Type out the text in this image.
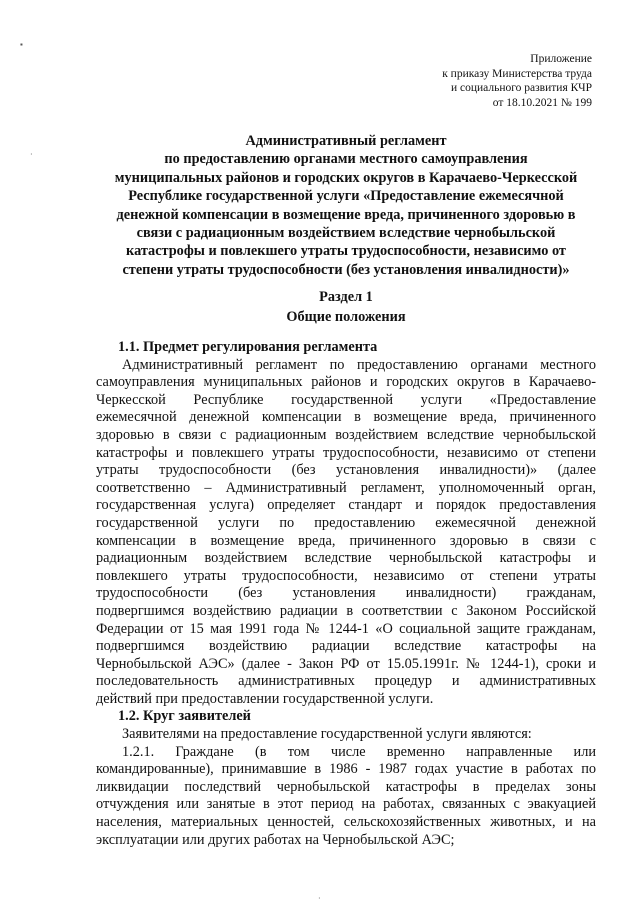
▪
·
Приложение
к приказу Министерства труда
и социального развития КЧР
от 18.10.2021 № 199
Административный регламент
по предоставлению органами местного самоуправления
муниципальных районов и городских округов в Карачаево-Черкесской
Республике государственной услуги «Предоставление ежемесячной
денежной компенсации в возмещение вреда, причиненного здоровью в
связи с радиационным воздействием вследствие чернобыльской
катастрофы и повлекшего утраты трудоспособности, независимо от
степени утраты трудоспособности (без установления инвалидности)»
Раздел 1
Общие положения
1.1. Предмет регулирования регламента
Административный регламент по предоставлению органами местного
самоуправления муниципальных районов и городских округов в Карачаево-
Черкесской Республике государственной услуги «Предоставление
ежемесячной денежной компенсации в возмещение вреда, причиненного
здоровью в связи с радиационным воздействием вследствие чернобыльской
катастрофы и повлекшего утраты трудоспособности, независимо от степени
утраты трудоспособности (без установления инвалидности)» (далее
соответственно – Административный регламент, уполномоченный орган,
государственная услуга) определяет стандарт и порядок предоставления
государственной услуги по предоставлению ежемесячной денежной
компенсации в возмещение вреда, причиненного здоровью в связи с
радиационным воздействием вследствие чернобыльской катастрофы и
повлекшего утраты трудоспособности, независимо от степени утраты
трудоспособности (без установления инвалидности) гражданам,
подвергшимся воздействию радиации в соответствии с Законом Российской
Федерации от 15 мая 1991 года № 1244-1 «О социальной защите гражданам,
подвергшимся воздействию радиации вследствие катастрофы на
Чернобыльской АЭС» (далее - Закон РФ от 15.05.1991г. № 1244-1), сроки и
последовательность административных процедур и административных
действий при предоставлении государственной услуги.
1.2. Круг заявителей
Заявителями на предоставление государственной услуги являются:
1.2.1. Граждане (в том числе временно направленные или
командированные), принимавшие в 1986 - 1987 годах участие в работах по
ликвидации последствий чернобыльской катастрофы в пределах зоны
отчуждения или занятые в этот период на работах, связанных с эвакуацией
населения, материальных ценностей, сельскохозяйственных животных, и на
эксплуатации или других работах на Чернобыльской АЭС;
·
